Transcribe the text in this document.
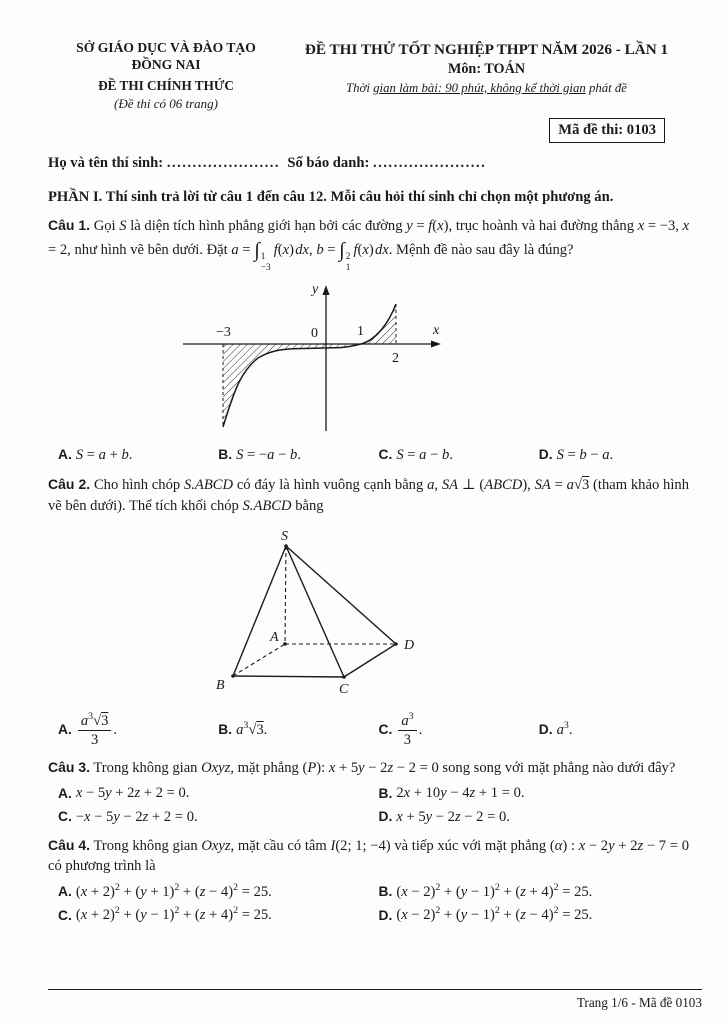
SỞ GIÁO DỤC VÀ ĐÀO TẠO
ĐỒNG NAI
ĐỀ THI CHÍNH THỨC
(Đề thi có 06 trang)
ĐỀ THI THỬ TỐT NGHIỆP THPT NĂM 2026 - LẦN 1
Môn: TOÁN
Thời gian làm bài: 90 phút, không kể thời gian phát đề
Mã đề thi: 0103
Họ và tên thí sinh: ...................... Số báo danh: ......................
PHẦN I. Thí sinh trả lời từ câu 1 đến câu 12. Mỗi câu hỏi thí sinh chỉ chọn một phương án.
Câu 1. Gọi S là diện tích hình phẳng giới hạn bởi các đường y = f(x), trục hoành và hai đường thẳng x = −3, x = 2, như hình vẽ bên dưới. Đặt a = ∫ 1
−3
f(x) dx, b = ∫ 2
1
f(x) dx. Mệnh đề nào sau đây là đúng?
y
x
−3	0	1
2
A. S = a + b.	B. S = −a − b.	C. S = a − b.	D. S = b − a.
Câu 2. Cho hình chóp S.ABCD có đáy là hình vuông cạnh bằng a, SA ⊥ (ABCD), SA = a√3 (tham khảo hình vẽ bên dưới). Thể tích khối chóp S.ABCD bằng
S
A
B	C
D
A. $\frac{a^3√3}{3}$ .	B. $a^3√3$.	C. $\frac{a^3}{3}$ .	D. $a^3$.
Câu 3. Trong không gian Oxyz, mặt phẳng (P): x + 5y − 2z − 2 = 0 song song với mặt phẳng nào dưới đây?
A. x − 5y + 2z + 2 = 0.	B. 2x + 10y − 4z + 1 = 0.
C. −x − 5y − 2z + 2 = 0.	D. x + 5y − 2z − 2 = 0.
Câu 4. Trong không gian Oxyz, mặt cầu có tâm I(2; 1; −4) và tiếp xúc với mặt phẳng (α) : x − 2y + 2z − 7 = 0 có phương trình là
A. $(x + 2)^2 + (y + 1)^2 + (z - 4)^2 = 25$.	B. $(x - 2)^2 + (y - 1)^2 + (z + 4)^2 = 25$.
C. $(x + 2)^2 + (y - 1)^2 + (z + 4)^2 = 25$.	D. $(x - 2)^2 + (y - 1)^2 + (z - 4)^2 = 25$.
Trang 1/6 - Mã đề 0103
